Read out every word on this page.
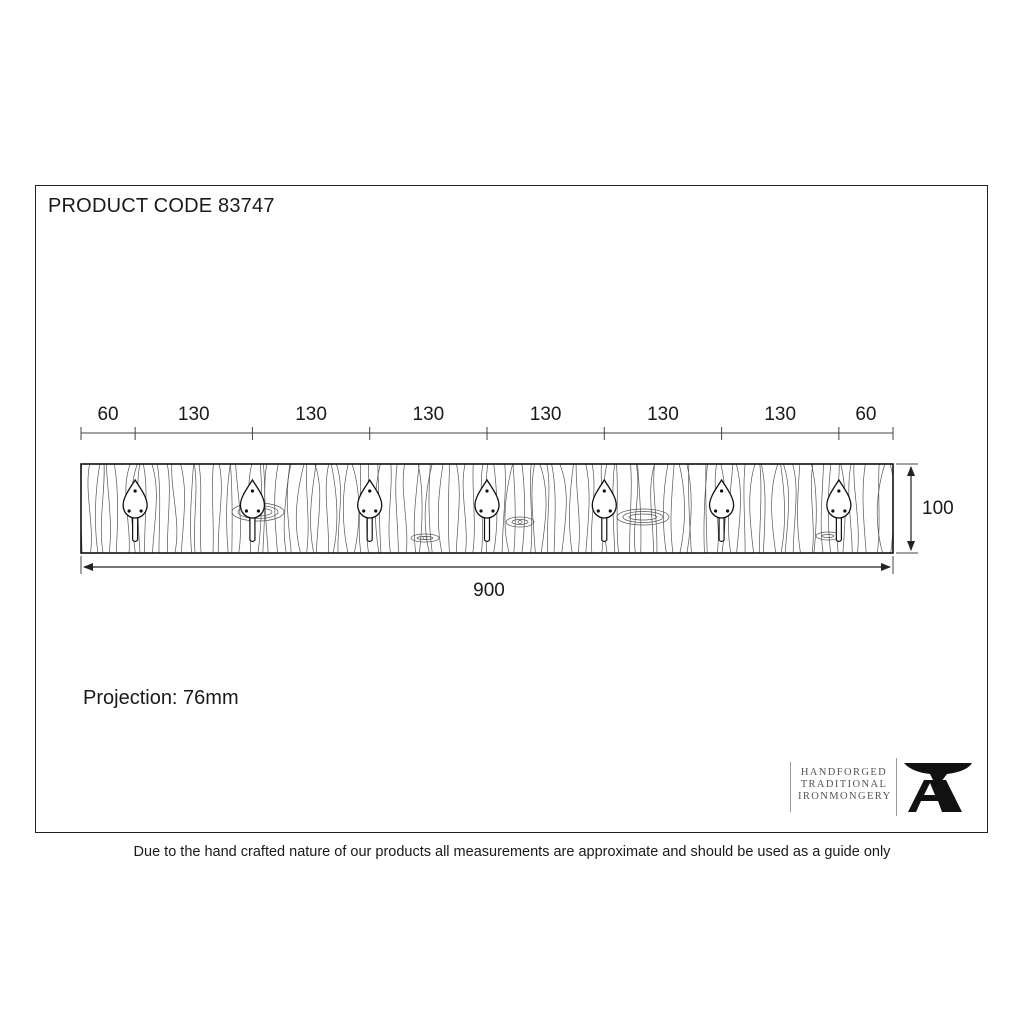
PRODUCT CODE 83747
60	130	130	130	130	130	130	60
900
100
HANDFORGED
TRADITIONAL
IRONMONGERY
Projection: 76mm
Due to the hand crafted nature of our products all measurements are approximate and should be used as a guide only
